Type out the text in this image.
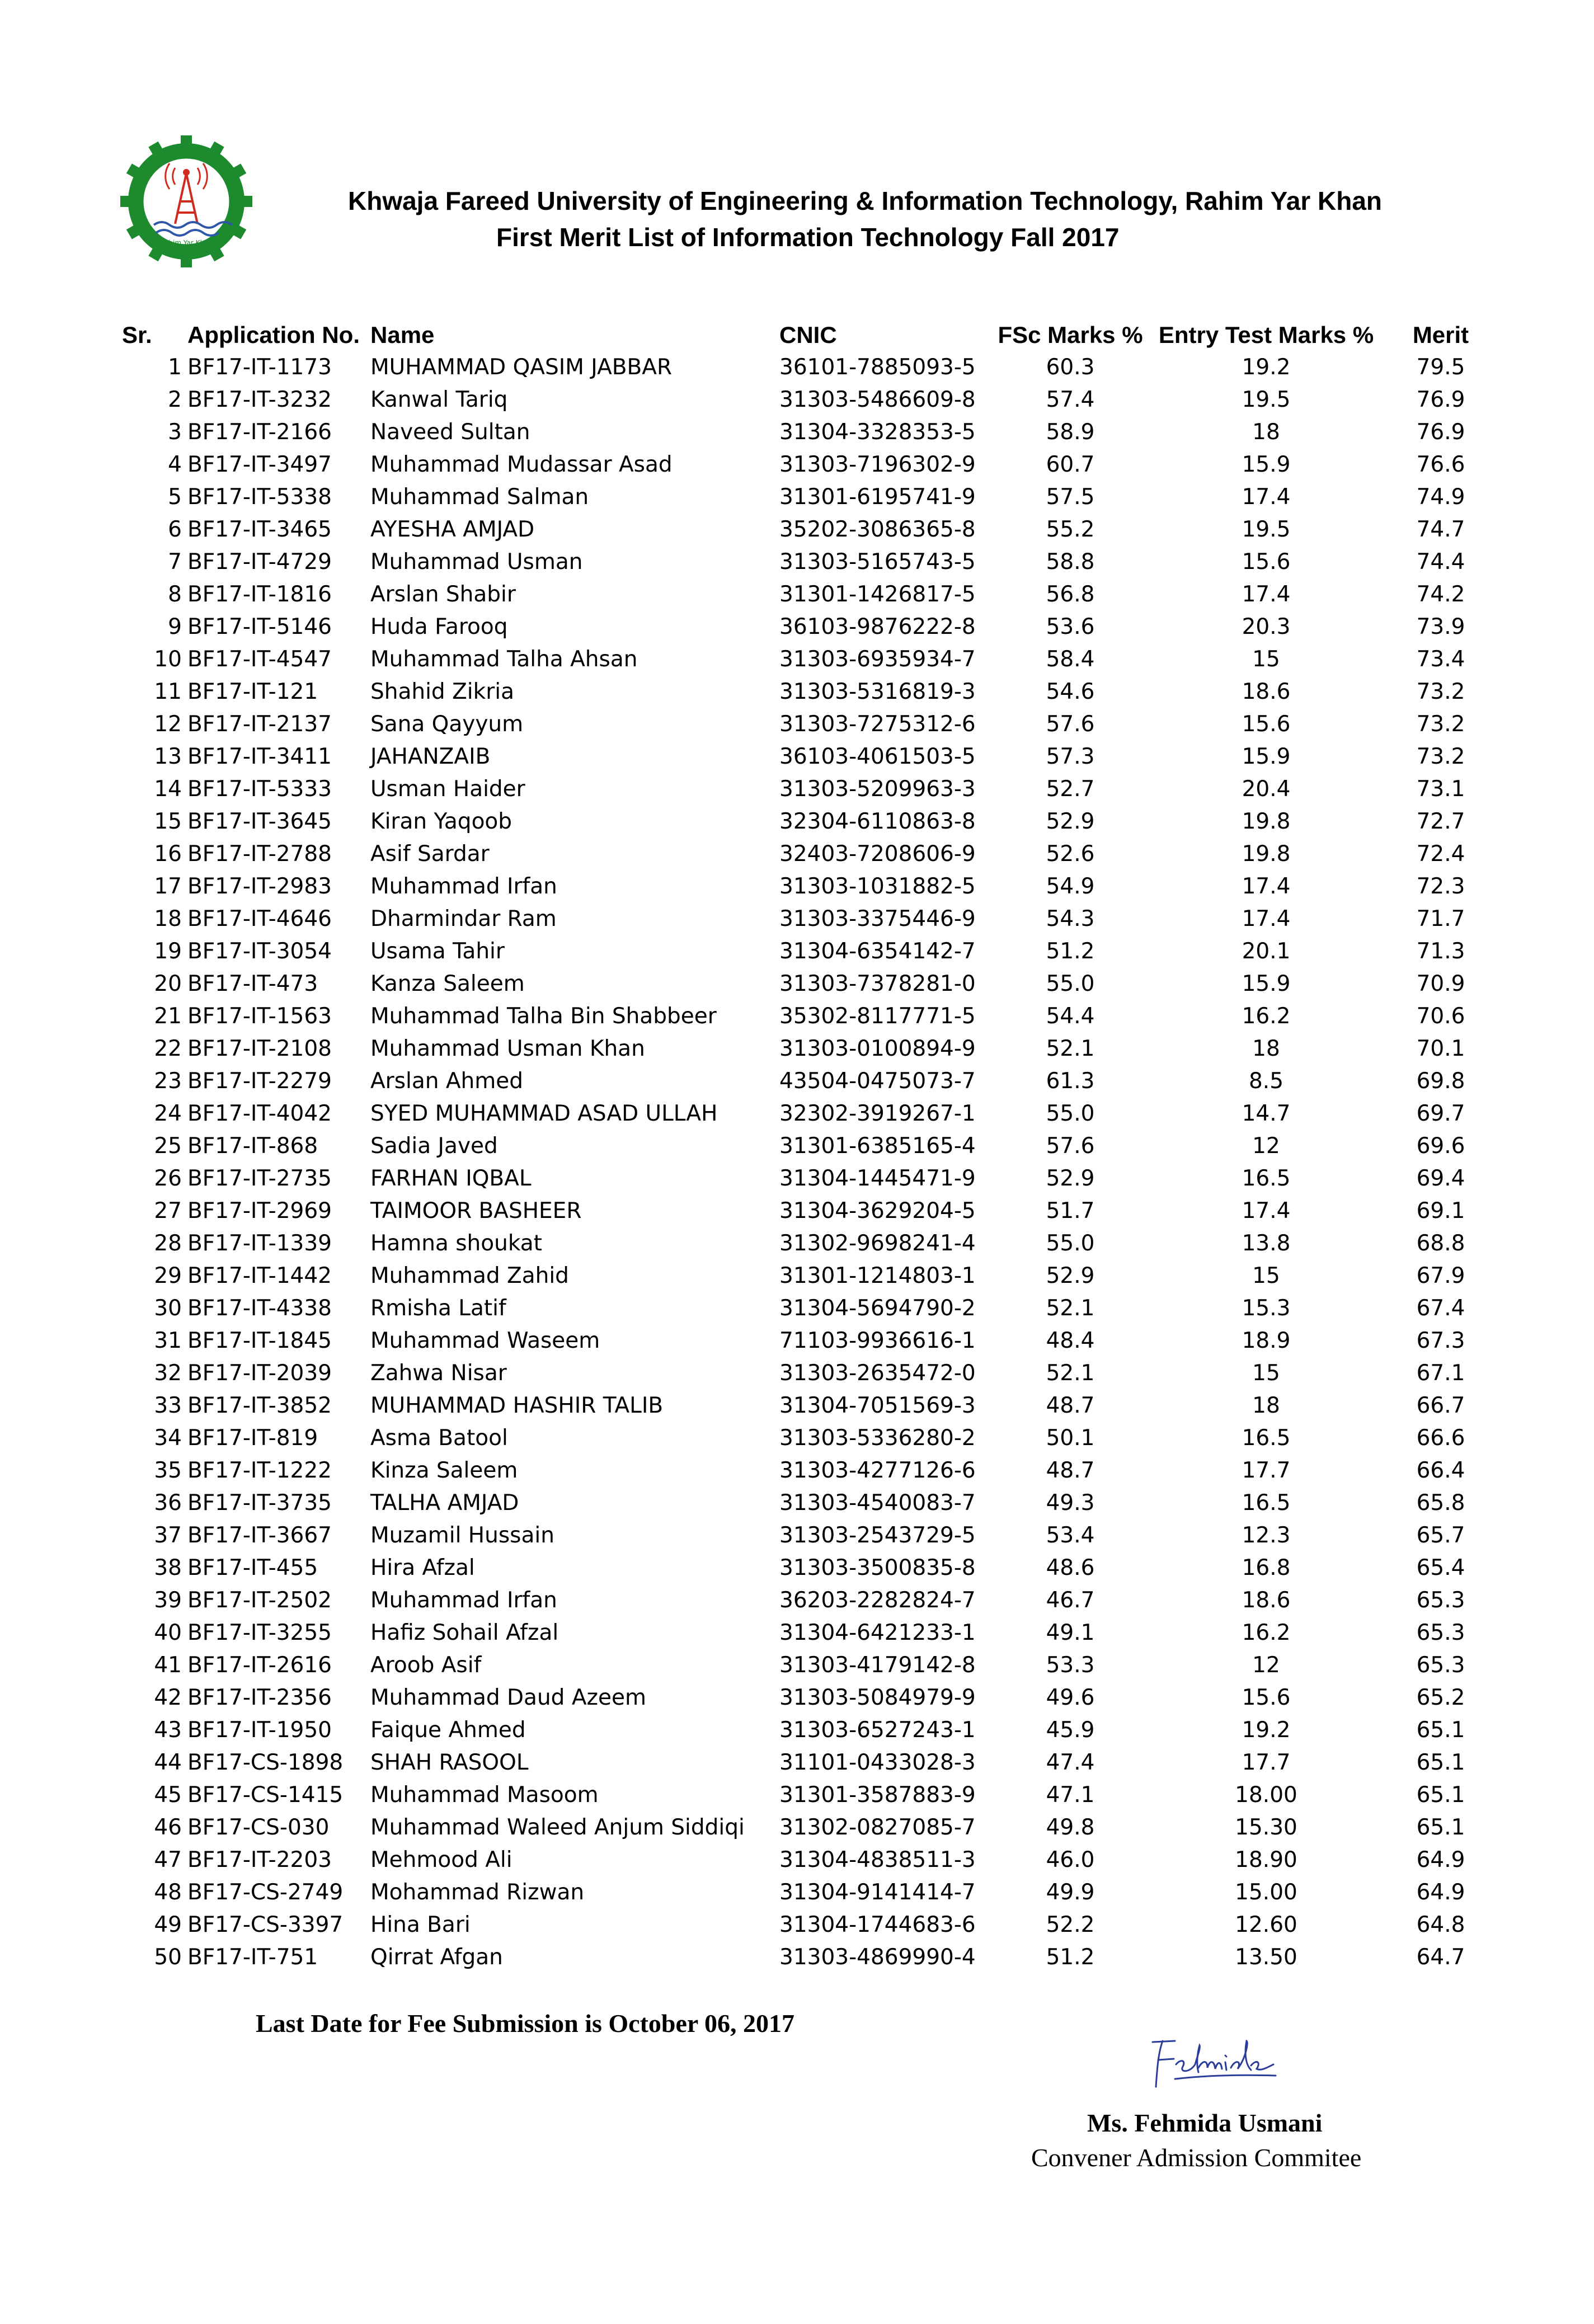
Rahim Yar Khan
Khwaja Fareed University of Engineering & Information Technology, Rahim Yar Khan
First Merit List of Information Technology Fall 2017
Sr. Application No. Name	CNIC	FSc Marks % Entry Test Marks %	Merit
1 BF17-IT-1173 MUHAMMAD QASIM JABBAR	36101-7885093-5	60.3	19.2	79.5
2 BF17-IT-3232 Kanwal Tariq	31303-5486609-8	57.4	19.5	76.9
3 BF17-IT-2166 Naveed Sultan	31304-3328353-5	58.9	18	76.9
4 BF17-IT-3497 Muhammad Mudassar Asad	31303-7196302-9	60.7	15.9	76.6
5 BF17-IT-5338 Muhammad Salman	31301-6195741-9	57.5	17.4	74.9
6 BF17-IT-3465 AYESHA AMJAD	35202-3086365-8	55.2	19.5	74.7
7 BF17-IT-4729 Muhammad Usman	31303-5165743-5	58.8	15.6	74.4
8 BF17-IT-1816 Arslan Shabir	31301-1426817-5	56.8	17.4	74.2
9 BF17-IT-5146 Huda Farooq	36103-9876222-8	53.6	20.3	73.9
10 BF17-IT-4547 Muhammad Talha Ahsan	31303-6935934-7	58.4	15	73.4
11 BF17-IT-121 Shahid Zikria	31303-5316819-3	54.6	18.6	73.2
12 BF17-IT-2137 Sana Qayyum	31303-7275312-6	57.6	15.6	73.2
13 BF17-IT-3411 JAHANZAIB	36103-4061503-5	57.3	15.9	73.2
14 BF17-IT-5333 Usman Haider	31303-5209963-3	52.7	20.4	73.1
15 BF17-IT-3645 Kiran Yaqoob	32304-6110863-8	52.9	19.8	72.7
16 BF17-IT-2788 Asif Sardar	32403-7208606-9	52.6	19.8	72.4
17 BF17-IT-2983 Muhammad Irfan	31303-1031882-5	54.9	17.4	72.3
18 BF17-IT-4646 Dharmindar Ram	31303-3375446-9	54.3	17.4	71.7
19 BF17-IT-3054 Usama Tahir	31304-6354142-7	51.2	20.1	71.3
20 BF17-IT-473 Kanza Saleem	31303-7378281-0	55.0	15.9	70.9
21 BF17-IT-1563 Muhammad Talha Bin Shabbeer	35302-8117771-5	54.4	16.2	70.6
22 BF17-IT-2108 Muhammad Usman Khan	31303-0100894-9	52.1	18	70.1
23 BF17-IT-2279 Arslan Ahmed	43504-0475073-7	61.3	8.5	69.8
24 BF17-IT-4042 SYED MUHAMMAD ASAD ULLAH	32302-3919267-1	55.0	14.7	69.7
25 BF17-IT-868 Sadia Javed	31301-6385165-4	57.6	12	69.6
26 BF17-IT-2735 FARHAN IQBAL	31304-1445471-9	52.9	16.5	69.4
27 BF17-IT-2969 TAIMOOR BASHEER	31304-3629204-5	51.7	17.4	69.1
28 BF17-IT-1339 Hamna shoukat	31302-9698241-4	55.0	13.8	68.8
29 BF17-IT-1442 Muhammad Zahid	31301-1214803-1	52.9	15	67.9
30 BF17-IT-4338 Rmisha Latif	31304-5694790-2	52.1	15.3	67.4
31 BF17-IT-1845 Muhammad Waseem	71103-9936616-1	48.4	18.9	67.3
32 BF17-IT-2039 Zahwa Nisar	31303-2635472-0	52.1	15	67.1
33 BF17-IT-3852 MUHAMMAD HASHIR TALIB	31304-7051569-3	48.7	18	66.7
34 BF17-IT-819 Asma Batool	31303-5336280-2	50.1	16.5	66.6
35 BF17-IT-1222 Kinza Saleem	31303-4277126-6	48.7	17.7	66.4
36 BF17-IT-3735 TALHA AMJAD	31303-4540083-7	49.3	16.5	65.8
37 BF17-IT-3667 Muzamil Hussain	31303-2543729-5	53.4	12.3	65.7
38 BF17-IT-455 Hira Afzal	31303-3500835-8	48.6	16.8	65.4
39 BF17-IT-2502 Muhammad Irfan	36203-2282824-7	46.7	18.6	65.3
40 BF17-IT-3255 Hafiz Sohail Afzal	31304-6421233-1	49.1	16.2	65.3
41 BF17-IT-2616 Aroob Asif	31303-4179142-8	53.3	12	65.3
42 BF17-IT-2356 Muhammad Daud Azeem	31303-5084979-9	49.6	15.6	65.2
43 BF17-IT-1950 Faique Ahmed	31303-6527243-1	45.9	19.2	65.1
44 BF17-CS-1898 SHAH RASOOL	31101-0433028-3	47.4	17.7	65.1
45 BF17-CS-1415 Muhammad Masoom	31301-3587883-9	47.1	18.00	65.1
46 BF17-CS-030 Muhammad Waleed Anjum Siddiqi 31302-0827085-7	49.8	15.30	65.1
47 BF17-IT-2203 Mehmood Ali	31304-4838511-3	46.0	18.90	64.9
48 BF17-CS-2749 Mohammad Rizwan	31304-9141414-7	49.9	15.00	64.9
49 BF17-CS-3397 Hina Bari	31304-1744683-6	52.2	12.60	64.8
50 BF17-IT-751 Qirrat Afgan	31303-4869990-4	51.2	13.50	64.7
Last Date for Fee Submission is October 06, 2017
Ms. Fehmida Usmani
Convener Admission Commitee
